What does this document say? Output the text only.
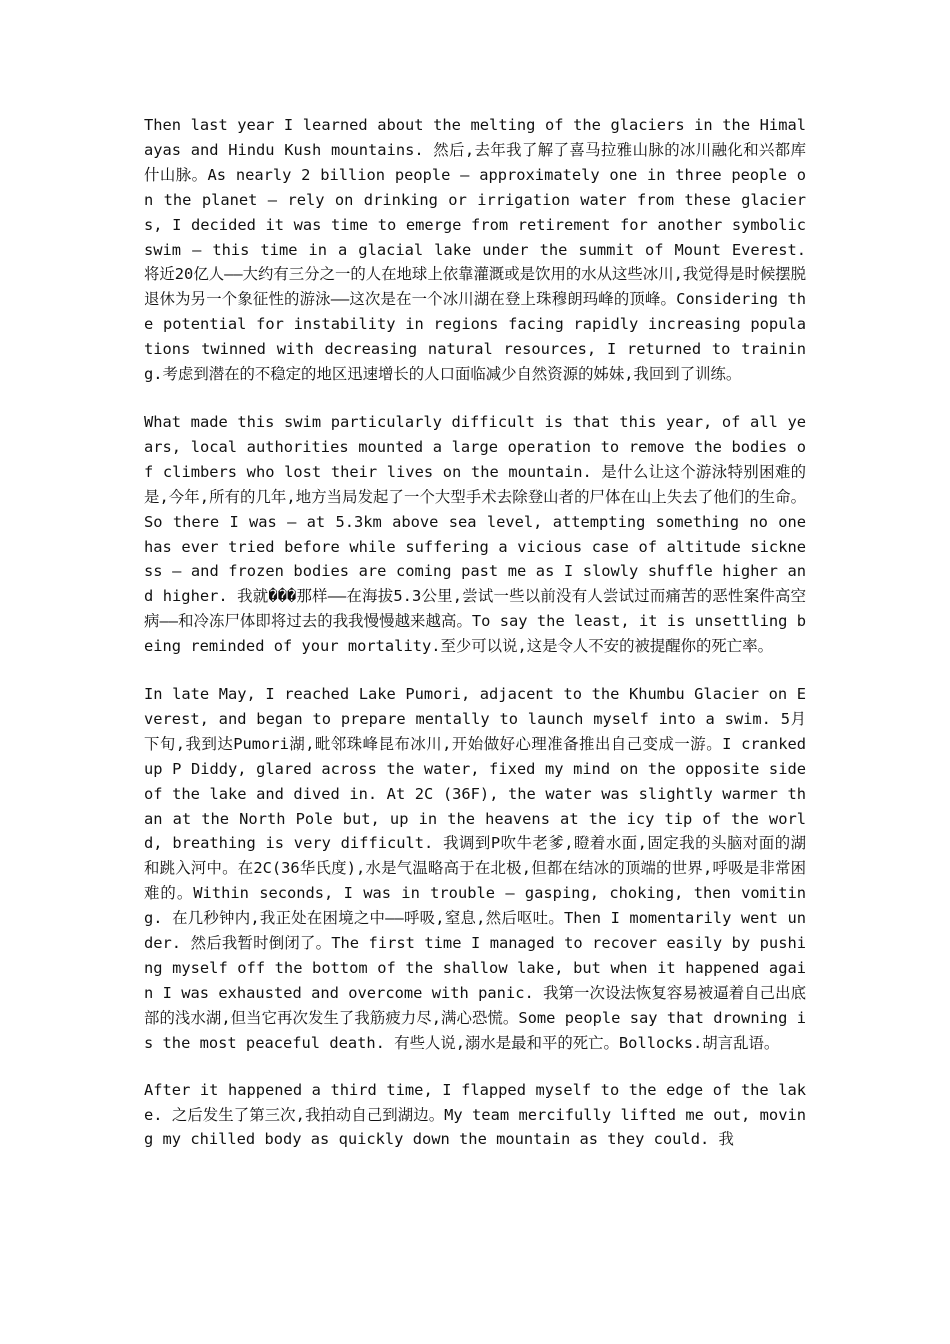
Then last year I learned about the melting of the glaciers in the Himalayas and Hindu Kush mountains. 然后,去年我了解了喜马拉雅山脉的冰川融化和兴都库什山脉。As nearly 2 billion people – approximately one in three people on the planet – rely on drinking or irrigation water from these glaciers, I decided it was time to emerge from retirement for another symbolic swim – this time in a glacial lake under the summit of Mount Everest. 将近20亿人——大约有三分之一的人在地球上依靠灌溉或是饮用的水从这些冰川,我觉得是时候摆脱退休为另一个象征性的游泳——这次是在一个冰川湖在登上珠穆朗玛峰的顶峰。Considering the potential for instability in regions facing rapidly increasing populations twinned with decreasing natural resources, I returned to training.考虑到潜在的不稳定的地区迅速增长的人口面临减少自然资源的姊妹,我回到了训练。

What made this swim particularly difficult is that this year, of all years, local authorities mounted a large operation to remove the bodies of climbers who lost their lives on the mountain. 是什么让这个游泳特别困难的是,今年,所有的几年,地方当局发起了一个大型手术去除登山者的尸体在山上失去了他们的生命。So there I was – at 5.3km above sea level, attempting something no one has ever tried before while suffering a vicious case of altitude sickness – and frozen bodies are coming past me as I slowly shuffle higher and higher. 我就���那样——在海拔5.3公里,尝试一些以前没有人尝试过而痛苦的恶性案件高空病——和冷冻尸体即将过去的我我慢慢越来越高。To say the least, it is unsettling being reminded of your mortality.至少可以说,这是令人不安的被提醒你的死亡率。

In late May, I reached Lake Pumori, adjacent to the Khumbu Glacier on Everest, and began to prepare mentally to launch myself into a swim. 5月下旬,我到达Pumori湖,毗邻珠峰昆布冰川,开始做好心理准备推出自己变成一游。I cranked up P Diddy, glared across the water, fixed my mind on the opposite side of the lake and dived in. At 2C (36F), the water was slightly warmer than at the North Pole but, up in the heavens at the icy tip of the world, breathing is very difficult. 我调到P吹牛老爹,瞪着水面,固定我的头脑对面的湖和跳入河中。在2C(36华氏度),水是气温略高于在北极,但都在结冰的顶端的世界,呼吸是非常困难的。Within seconds, I was in trouble – gasping, choking, then vomiting. 在几秒钟内,我正处在困境之中——呼吸,窒息,然后呕吐。Then I momentarily went under. 然后我暂时倒闭了。The first time I managed to recover easily by pushing myself off the bottom of the shallow lake, but when it happened again I was exhausted and overcome with panic. 我第一次设法恢复容易被逼着自己出底部的浅水湖,但当它再次发生了我筋疲力尽,满心恐慌。Some people say that drowning is the most peaceful death. 有些人说,溺水是最和平的死亡。Bollocks.胡言乱语。

After it happened a third time, I flapped myself to the edge of the lake. 之后发生了第三次,我拍动自己到湖边。My team mercifully lifted me out, moving my chilled body as quickly down the mountain as they could. 我
